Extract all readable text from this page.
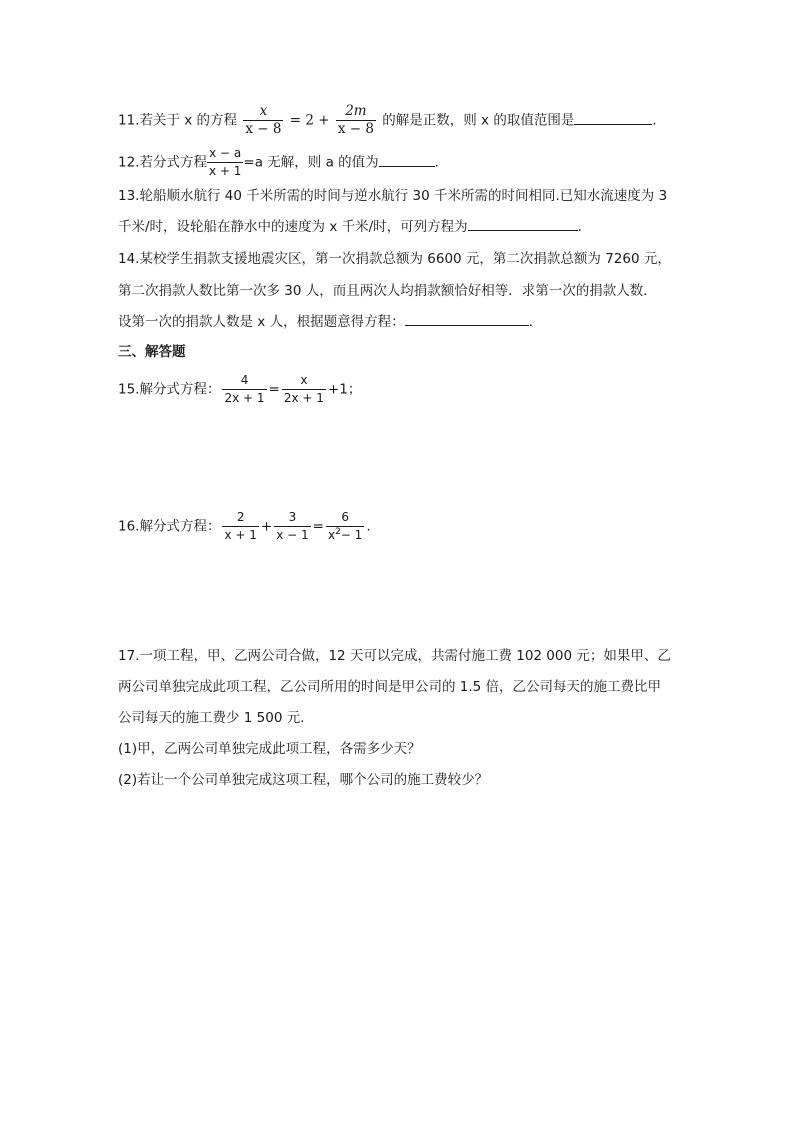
11.若关于 x 的方程 $\frac{x}{x - 8} = 2 + \frac{2m}{x - 8}$ 的解是正数，则 x 的取值范围是	.
12.若分式方程 $\frac{x - a}{x + 1} =a$ 无解，则 a 的值为	.
13.轮船顺水航行 40 千米所需的时间与逆水航行 30 千米所需的时间相同.已知水流速度为 3
千米/时，设轮船在静水中的速度为 x 千米/时，可列方程为	.
14.某校学生捐款支援地震灾区，第一次捐款总额为 6600 元，第二次捐款总额为 7260 元，
第二次捐款人数比第一次多 30 人，而且两次人均捐款额恰好相等．求第一次的捐款人数．
设第一次的捐款人数是 x 人，根据题意得方程：	.
三、解答题
15.解分式方程： $\frac{4}{2x + 1} = \frac{x}{2x + 1} +1$；
16.解分式方程： $\frac{2}{x + 1} + \frac{3}{x - 1} = \frac{6}{x^2- 1}$ .
17.一项工程，甲、乙两公司合做，12 天可以完成，共需付施工费 102 000 元；如果甲、乙
两公司单独完成此项工程，乙公司所用的时间是甲公司的 1.5 倍，乙公司每天的施工费比甲
公司每天的施工费少 1 500 元.
(1)甲，乙两公司单独完成此项工程，各需多少天？
(2)若让一个公司单独完成这项工程，哪个公司的施工费较少？
